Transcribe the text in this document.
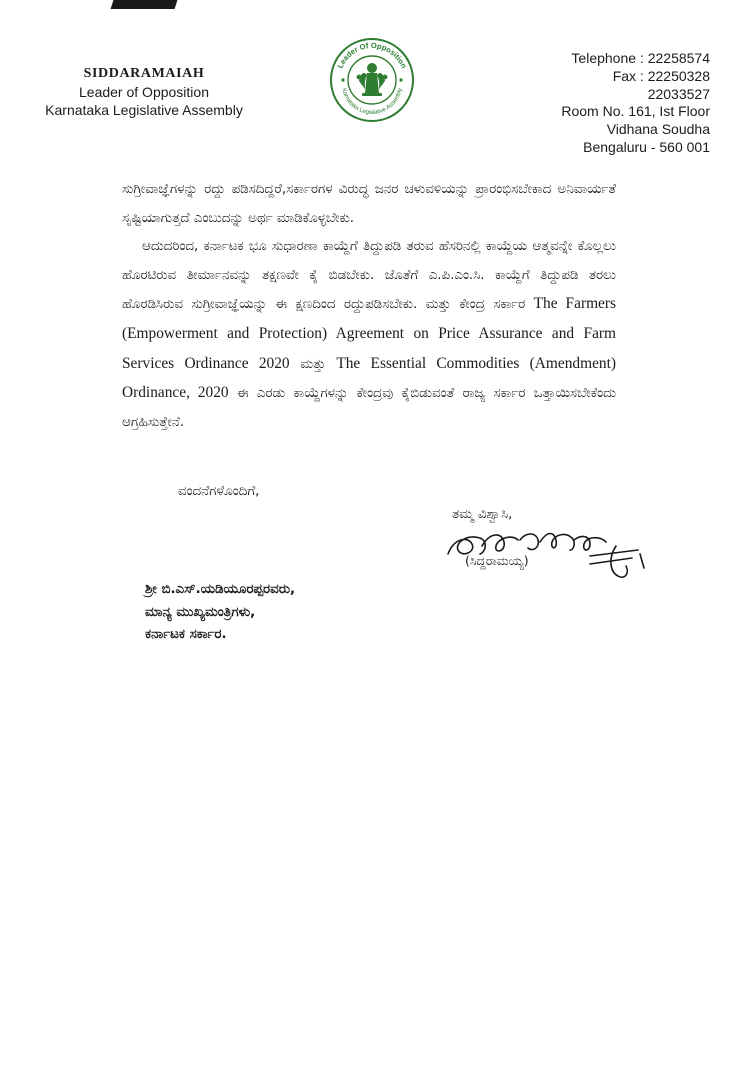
SIDDARAMAIAH
Leader of Opposition
Karnataka Legislative Assembly
Leader Of Opposition
Karnataka Legislative Assembly
Telephone : 22258574
Fax : 22250328
22033527
Room No. 161, Ist Floor
Vidhana Soudha
Bengaluru - 560 001

ಸುಗ್ರೀವಾಜ್ಞೆಗಳನ್ನು ರದ್ದು ಪಡಿಸದಿದ್ದರೆ,ಸರ್ಕಾರಗಳ ವಿರುದ್ಧ ಜನರ ಚಳುವಳಿಯನ್ನು ಪ್ರಾರಂಭಿಸಬೇಕಾದ ಅನಿವಾರ್ಯತೆ ಸೃಷ್ಟಿಯಾಗುತ್ತದೆ ಎಂಬುದನ್ನು ಅರ್ಥ ಮಾಡಿಕೊಳ್ಳಬೇಕು.

ಆದುದರಿಂದ, ಕರ್ನಾಟಕ ಭೂ ಸುಧಾರಣಾ ಕಾಯ್ದೆಗೆ ತಿದ್ದುಪಡಿ ತರುವ ಹೆಸರಿನಲ್ಲಿ ಕಾಯ್ದೆಯ ಆತ್ಮವನ್ನೇ ಕೊಲ್ಲಲು ಹೊರಟಿರುವ ತೀರ್ಮಾನವನ್ನು ತಕ್ಷಣವೇ ಕೈ ಬಿಡಬೇಕು. ಜೊತೆಗೆ ಎ.ಪಿ.ಎಂ.ಸಿ. ಕಾಯ್ದೆಗೆ ತಿದ್ದುಪಡಿ ತರಲು ಹೊರಡಿಸಿರುವ ಸುಗ್ರೀವಾಜ್ಞೆಯನ್ನು ಈ ಕ್ಷಣದಿಂದ ರದ್ದುಪಡಿಸಬೇಕು. ಮತ್ತು ಕೇಂದ್ರ ಸರ್ಕಾರ The Farmers (Empowerment and Protection) Agreement on Price Assurance and Farm Services Ordinance 2020 ಮತ್ತು The Essential Commodities (Amendment) Ordinance, 2020 ಈ ಎರಡು ಕಾಯ್ದೆಗಳನ್ನು ಕೇಂದ್ರವು ಕೈಬಿಡುವಂತೆ ರಾಜ್ಯ ಸರ್ಕಾರ ಒತ್ತಾಯಿಸಬೇಕೆಂದು ಆಗ್ರಹಿಸುತ್ತೇನೆ.

ವಂದನೆಗಳೊಂದಿಗೆ,
ತಮ್ಮ ವಿಶ್ವಾಸಿ,
(ಸಿದ್ದರಾಮಯ್ಯ)
ಶ್ರೀ ಬಿ.ಎಸ್.ಯಡಿಯೂರಪ್ಪರವರು,
ಮಾನ್ಯ ಮುಖ್ಯಮಂತ್ರಿಗಳು,
ಕರ್ನಾಟಕ ಸರ್ಕಾರ.
